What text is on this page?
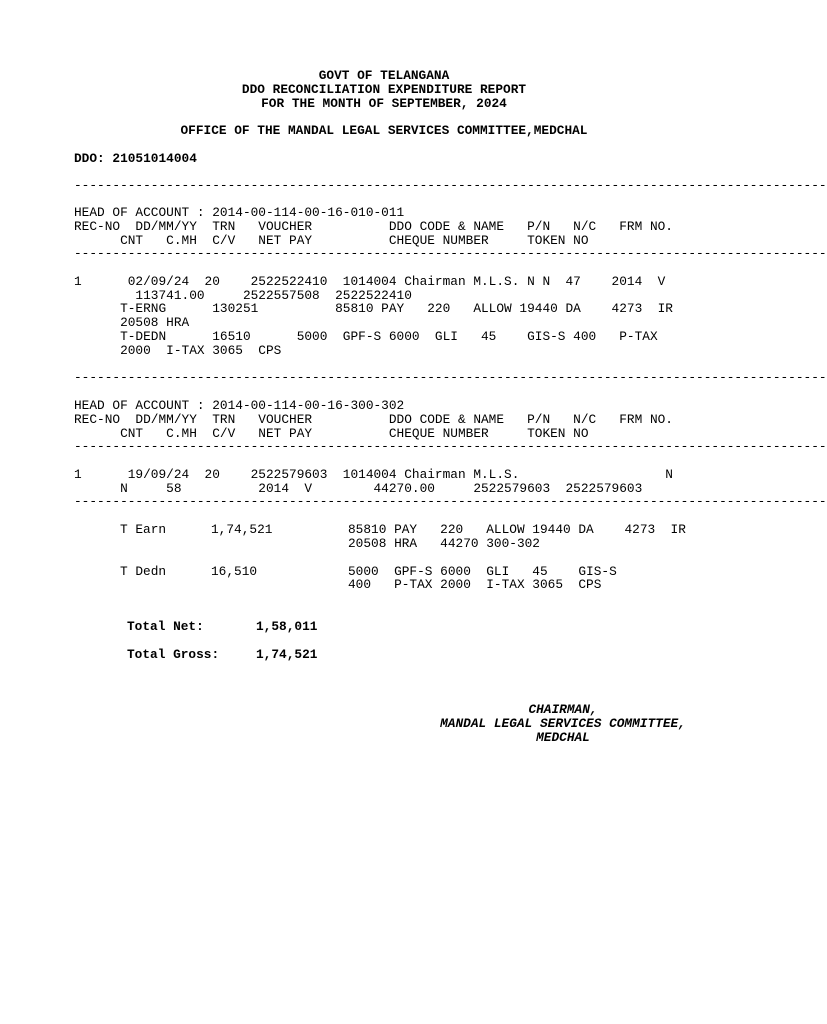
GOVT OF TELANGANA
DDO RECONCILIATION EXPENDITURE REPORT
FOR THE MONTH OF SEPTEMBER, 2024
OFFICE OF THE MANDAL LEGAL SERVICES COMMITTEE,MEDCHAL
DDO: 21051014004
--------------------------------------------------------------------------------------------------
HEAD OF ACCOUNT : 2014-00-114-00-16-010-011
REC-NO  DD/MM/YY  TRN   VOUCHER          DDO CODE & NAME   P/N   N/C   FRM NO.
CNT   C.MH  C/V   NET PAY          CHEQUE NUMBER     TOKEN NO
--------------------------------------------------------------------------------------------------
1      02/09/24  20    2522522410  1014004 Chairman M.L.S. N N  47    2014  V
113741.00     2522557508  2522522410
T-ERNG      130251          85810 PAY   220   ALLOW 19440 DA    4273  IR
20508 HRA
T-DEDN      16510      5000  GPF-S 6000  GLI   45    GIS-S 400   P-TAX
2000  I-TAX 3065  CPS
--------------------------------------------------------------------------------------------------
HEAD OF ACCOUNT : 2014-00-114-00-16-300-302
REC-NO  DD/MM/YY  TRN   VOUCHER          DDO CODE & NAME   P/N   N/C   FRM NO.
CNT   C.MH  C/V   NET PAY          CHEQUE NUMBER     TOKEN NO
--------------------------------------------------------------------------------------------------
1      19/09/24  20    2522579603  1014004 Chairman M.L.S.                   N
N     58          2014  V        44270.00     2522579603  2522579603
--------------------------------------------------------------------------------------------------
T Earn	1,74,521	85810 PAY   220   ALLOW 19440 DA    4273  IR
20508 HRA   44270 300-302
T Dedn	16,510	5000  GPF-S 6000  GLI   45    GIS-S
400   P-TAX 2000  I-TAX 3065  CPS
Total Net:	1,58,011
Total Gross:	1,74,521
CHAIRMAN,
MANDAL LEGAL SERVICES COMMITTEE,
MEDCHAL
